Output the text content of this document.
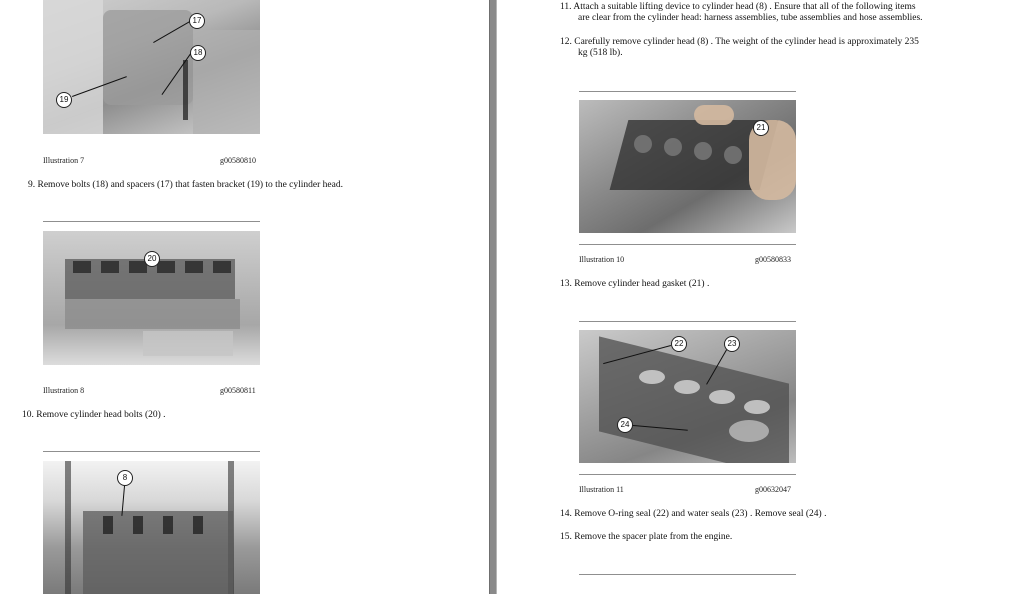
17
18
19
Illustration 7	g00580810
9. Remove bolts (18) and spacers (17) that fasten bracket (19) to the cylinder head.
20
Illustration 8	g00580811
10. Remove cylinder head bolts (20) .
8
11. Attach a suitable lifting device to cylinder head (8) . Ensure that all of the following items
are clear from the cylinder head: harness assemblies, tube assemblies and hose assemblies.
12. Carefully remove cylinder head (8) . The weight of the cylinder head is approximately 235
kg (518 lb).
21
Illustration 10	g00580833
13. Remove cylinder head gasket (21) .
22	23
24
Illustration 11	g00632047
14. Remove O-ring seal (22) and water seals (23) . Remove seal (24) .
15. Remove the spacer plate from the engine.
